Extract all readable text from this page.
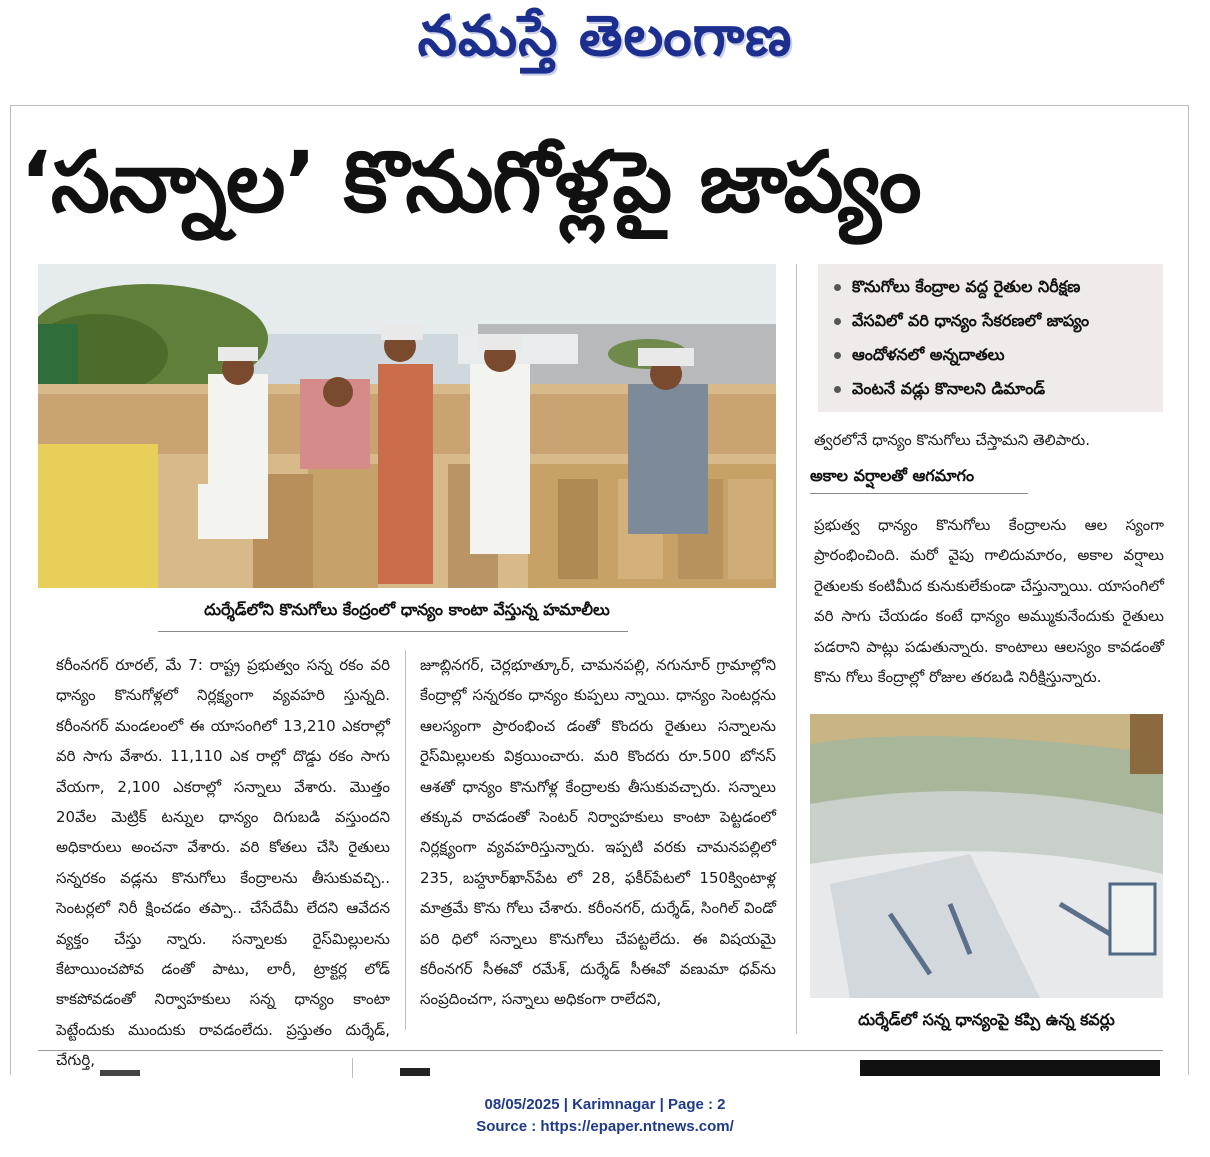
నమస్తే తెలంగాణ
‘సన్నాల’ కొనుగోళ్లపై జాప్యం
దుర్శేడ్‌లోని కొనుగోలు కేంద్రంలో ధాన్యం కాంటా వేస్తున్న హమాలీలు
కొనుగోలు కేంద్రాల వద్ద రైతుల నిరీక్షణ
వేసవిలో వరి ధాన్యం సేకరణలో జాప్యం
ఆందోళనలో అన్నదాతలు
వెంటనే వడ్లు కొనాలని డిమాండ్

కరీంనగర్ రూరల్, మే 7: రాష్ట్ర ప్రభుత్వం సన్న రకం వరి ధాన్యం కొనుగోళ్లలో నిర్లక్ష్యంగా వ్యవహరి స్తున్నది. కరీంనగర్ మండలంలో ఈ యాసంగిలో 13,210 ఎకరాల్లో వరి సాగు వేశారు. 11,110 ఎక రాల్లో దొడ్డు రకం సాగు వేయగా, 2,100 ఎకరాల్లో సన్నాలు వేశారు. మొత్తం 20వేల మెట్రిక్ టన్నుల ధాన్యం దిగుబడి వస్తుందని అధికారులు అంచనా వేశారు. వరి కోతలు చేసి రైతులు సన్నరకం వడ్లను కొనుగోలు కేంద్రాలను తీసుకువచ్చి.. సెంటర్లలో నిరీ క్షించడం తప్పా.. చేసేదేమీ లేదని ఆవేదన వ్యక్తం చేస్తు న్నారు. సన్నాలకు రైస్‌మిల్లులను కేటాయించపోవ డంతో పాటు, లారీ, ట్రాక్టర్ల లోడ్ కాకపోవడంతో నిర్వాహకులు సన్న ధాన్యం కాంటా పెట్టేందుకు ముందుకు రావడంలేదు. ప్రస్తుతం దుర్శేడ్, చేగుర్తి,

జూబ్లినగర్, చెర్లభూత్కూర్, చామనపల్లి, నగునూర్ గ్రామాల్లోని కేంద్రాల్లో సన్నరకం ధాన్యం కుప్పలు న్నాయి. ధాన్యం సెంటర్లను ఆలస్యంగా ప్రారంభించ డంతో కొందరు రైతులు సన్నాలను రైస్‌మిల్లులకు విక్రయించారు. మరి కొందరు రూ.500 బోనస్ ఆశతో ధాన్యం కొనుగోళ్ల కేంద్రాలకు తీసుకువచ్చారు. సన్నాలు తక్కువ రావడంతో సెంటర్ నిర్వాహకులు కాంటా పెట్టడంలో నిర్లక్ష్యంగా వ్యవహరిస్తున్నారు. ఇప్పటి వరకు చామనపల్లిలో 235, బహ్దూర్‌ఖాన్‌పేట లో 28, ఫకీర్‌పేటలో 150క్వింటాళ్ల మాత్రమే కొను గోలు చేశారు. కరీంనగర్, దుర్శేడ్, సింగిల్ విండో పరి ధిలో సన్నాలు కొనుగోలు చేపట్టలేదు. ఈ విషయమై కరీంనగర్ సీఈవో రమేశ్, దుర్శేడ్ సీఈవో వణుమా ధవ్‌ను సంప్రదించగా, సన్నాలు అధికంగా రాలేదని,

త్వరలోనే ధాన్యం కొనుగోలు చేస్తామని తెలిపారు.

అకాల వర్షాలతో ఆగమాగం

ప్రభుత్వ ధాన్యం కొనుగోలు కేంద్రాలను ఆల స్యంగా ప్రారంభించింది. మరో వైపు గాలిదుమారం, అకాల వర్షాలు రైతులకు కంటిమీద కునుకులేకుండా చేస్తున్నాయి. యాసంగిలో వరి సాగు చేయడం కంటే ధాన్యం అమ్ముకునేందుకు రైతులు పడరాని పాట్లు పడుతున్నారు. కాంటాలు ఆలస్యం కావడంతో కొను గోలు కేంద్రాల్లో రోజుల తరబడి నిరీక్షిస్తున్నారు.

దుర్శేడ్‌లో సన్న ధాన్యంపై కప్పి ఉన్న కవర్లు
08/05/2025 | Karimnagar | Page : 2
Source : https://epaper.ntnews.com/
